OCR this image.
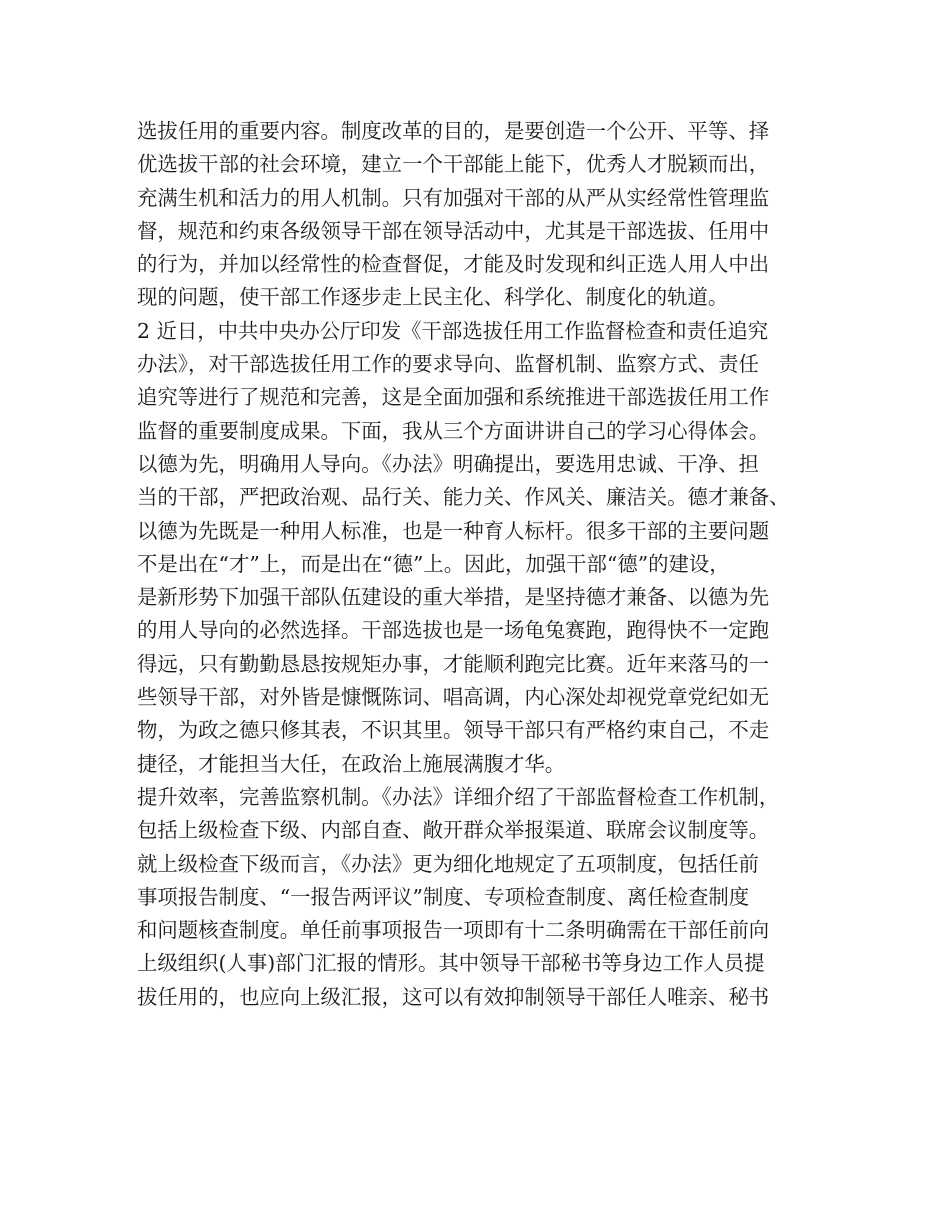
选拔任用的重要内容。制度改革的目的，是要创造一个公开、平等、择
优选拔干部的社会环境，建立一个干部能上能下，优秀人才脱颖而出，
充满生机和活力的用人机制。只有加强对干部的从严从实经常性管理监
督，规范和约束各级领导干部在领导活动中，尤其是干部选拔、任用中
的行为，并加以经常性的检查督促，才能及时发现和纠正选人用人中出
现的问题，使干部工作逐步走上民主化、科学化、制度化的轨道。
2 近日，中共中央办公厅印发《干部选拔任用工作监督检查和责任追究
办法》，对干部选拔任用工作的要求导向、监督机制、监察方式、责任
追究等进行了规范和完善，这是全面加强和系统推进干部选拔任用工作
监督的重要制度成果。下面，我从三个方面讲讲自己的学习心得体会。
以德为先，明确用人导向。《办法》明确提出，要选用忠诚、干净、担
当的干部，严把政治观、品行关、能力关、作风关、廉洁关。德才兼备、
以德为先既是一种用人标准，也是一种育人标杆。很多干部的主要问题
不是出在“才”上，而是出在“德”上。因此，加强干部“德”的建设，
是新形势下加强干部队伍建设的重大举措，是坚持德才兼备、以德为先
的用人导向的必然选择。干部选拔也是一场龟兔赛跑，跑得快不一定跑
得远，只有勤勤恳恳按规矩办事，才能顺利跑完比赛。近年来落马的一
些领导干部，对外皆是慷慨陈词、唱高调，内心深处却视党章党纪如无
物，为政之德只修其表，不识其里。领导干部只有严格约束自己，不走
捷径，才能担当大任，在政治上施展满腹才华。
提升效率，完善监察机制。《办法》详细介绍了干部监督检查工作机制，
包括上级检查下级、内部自查、敞开群众举报渠道、联席会议制度等。
就上级检查下级而言，《办法》更为细化地规定了五项制度，包括任前
事项报告制度、“一报告两评议”制度、专项检查制度、离任检查制度
和问题核查制度。单任前事项报告一项即有十二条明确需在干部任前向
上级组织(人事)部门汇报的情形。其中领导干部秘书等身边工作人员提
拔任用的，也应向上级汇报，这可以有效抑制领导干部任人唯亲、秘书
